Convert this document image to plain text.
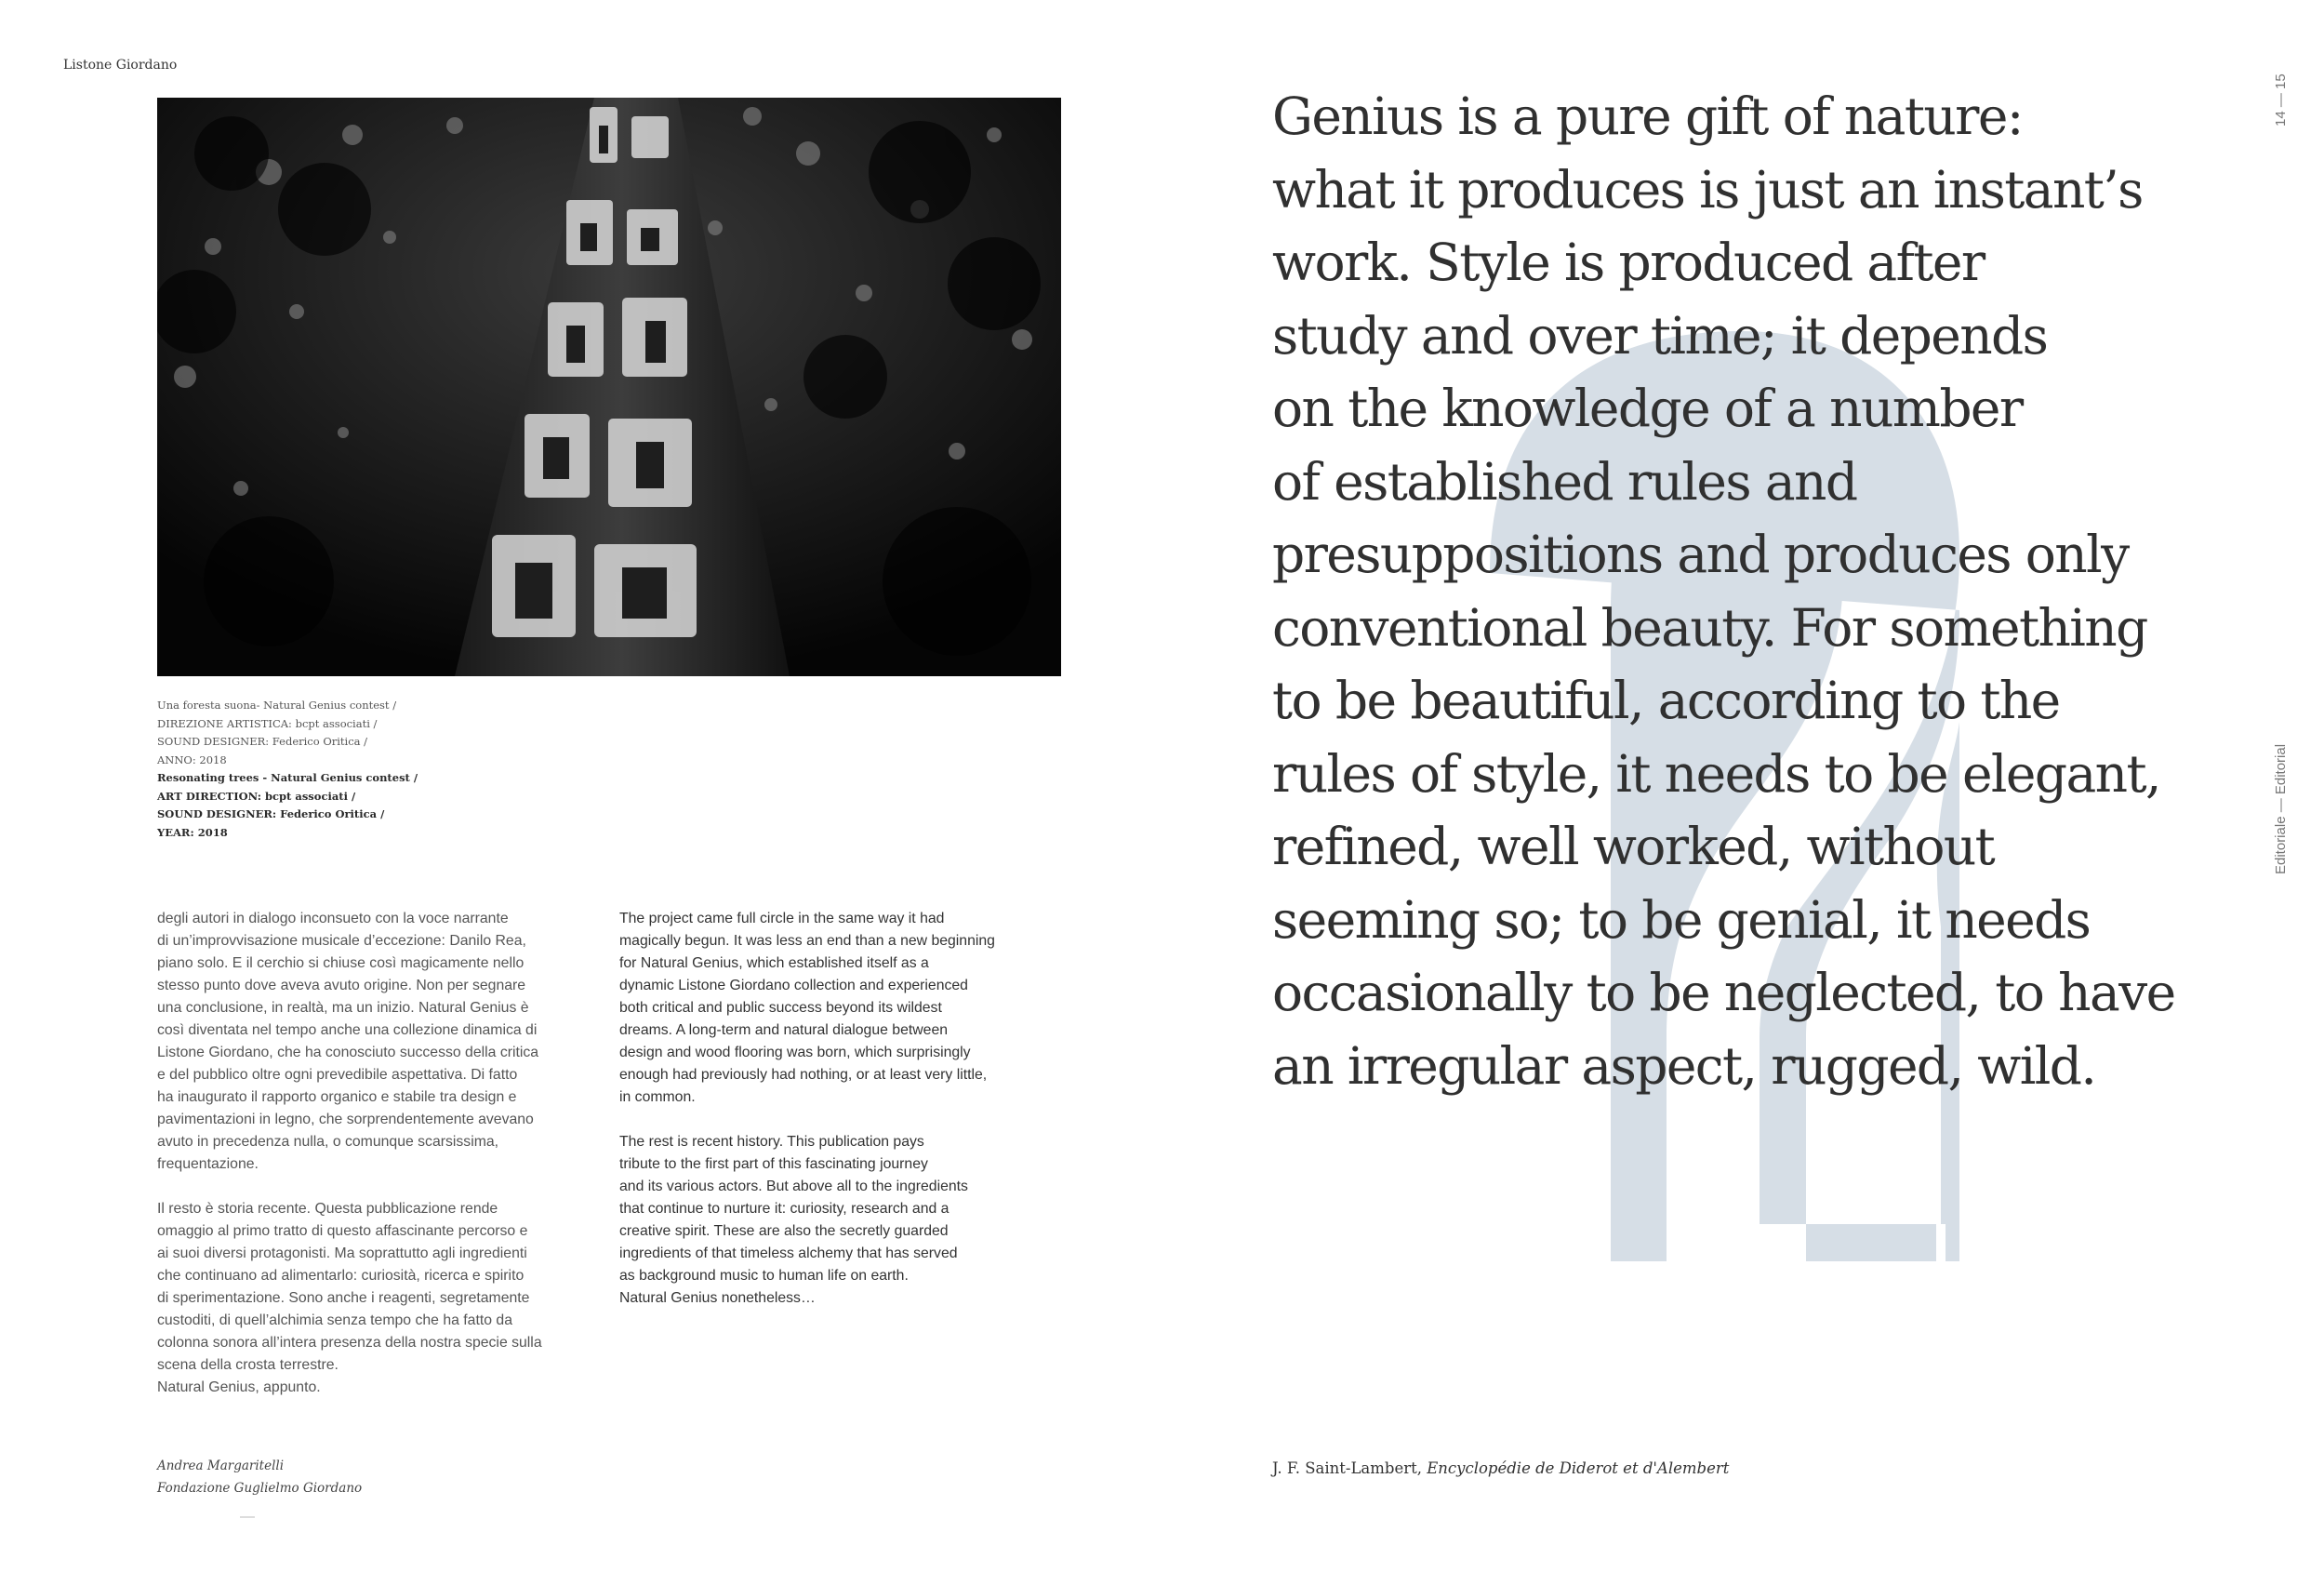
Listone Giordano
Una foresta suona- Natural Genius contest /
DIREZIONE ARTISTICA: bcpt associati /
SOUND DESIGNER: Federico Oritica /
ANNO: 2018
Resonating trees - Natural Genius contest /
ART DIRECTION: bcpt associati /
SOUND DESIGNER: Federico Oritica /
YEAR: 2018
degli autori in dialogo inconsueto con la voce narrante
di un’improvvisazione musicale d’eccezione: Danilo Rea,
piano solo. E il cerchio si chiuse così magicamente nello
stesso punto dove aveva avuto origine. Non per segnare
una conclusione, in realtà, ma un inizio. Natural Genius è
così diventata nel tempo anche una collezione dinamica di
Listone Giordano, che ha conosciuto successo della critica
e del pubblico oltre ogni prevedibile aspettativa. Di fatto
ha inaugurato il rapporto organico e stabile tra design e
pavimentazioni in legno, che sorprendentemente avevano
avuto in precedenza nulla, o comunque scarsissima,
frequentazione.

Il resto è storia recente. Questa pubblicazione rende
omaggio al primo tratto di questo affascinante percorso e
ai suoi diversi protagonisti. Ma soprattutto agli ingredienti
che continuano ad alimentarlo: curiosità, ricerca e spirito
di sperimentazione. Sono anche i reagenti, segretamente
custoditi, di quell’alchimia senza tempo che ha fatto da
colonna sonora all’intera presenza della nostra specie sulla
scena della crosta terrestre.
Natural Genius, appunto.
The project came full circle in the same way it had
magically begun. It was less an end than a new beginning
for Natural Genius, which established itself as a
dynamic Listone Giordano collection and experienced
both critical and public success beyond its wildest
dreams. A long-term and natural dialogue between
design and wood flooring was born, which surprisingly
enough had previously had nothing, or at least very little,
in common.

The rest is recent history. This publication pays
tribute to the first part of this fascinating journey
and its various actors. But above all to the ingredients
that continue to nurture it: curiosity, research and a
creative spirit. These are also the secretly guarded
ingredients of that timeless alchemy that has served
as background music to human life on earth.
Natural Genius nonetheless…
Andrea Margaritelli
Fondazione Guglielmo Giordano
Genius is a pure gift of nature:
what it produces is just an instant’s
work. Style is produced after
study and over time; it depends
on the knowledge of a number
of established rules and
presuppositions and produces only
conventional beauty. For something
to be beautiful, according to the
rules of style, it needs to be elegant,
refined, well worked, without
seeming so; to be genial, it needs
occasionally to be neglected, to have
an irregular aspect, rugged, wild.
J. F. Saint-Lambert, Encyclopédie de Diderot et d'Alembert
14 — 15
Editoriale — Editorial
